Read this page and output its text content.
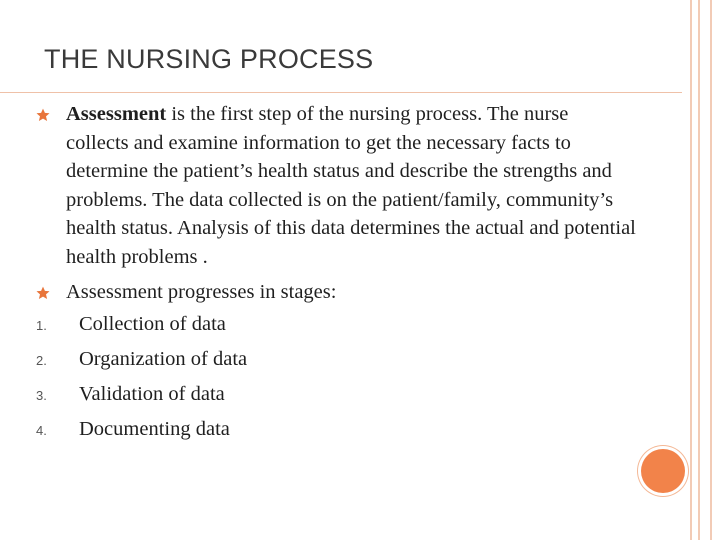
THE NURSING PROCESS
Assessment is the first step of the nursing process. The nurse collects and examine information to get the necessary facts to determine the patient’s health status and describe the strengths and problems. The data collected is on the patient/family, community’s health status. Analysis of this data determines the actual and potential health problems .
Assessment progresses in stages:
1.	Collection of data
2.	Organization of data
3.	Validation of data
4.	Documenting data
